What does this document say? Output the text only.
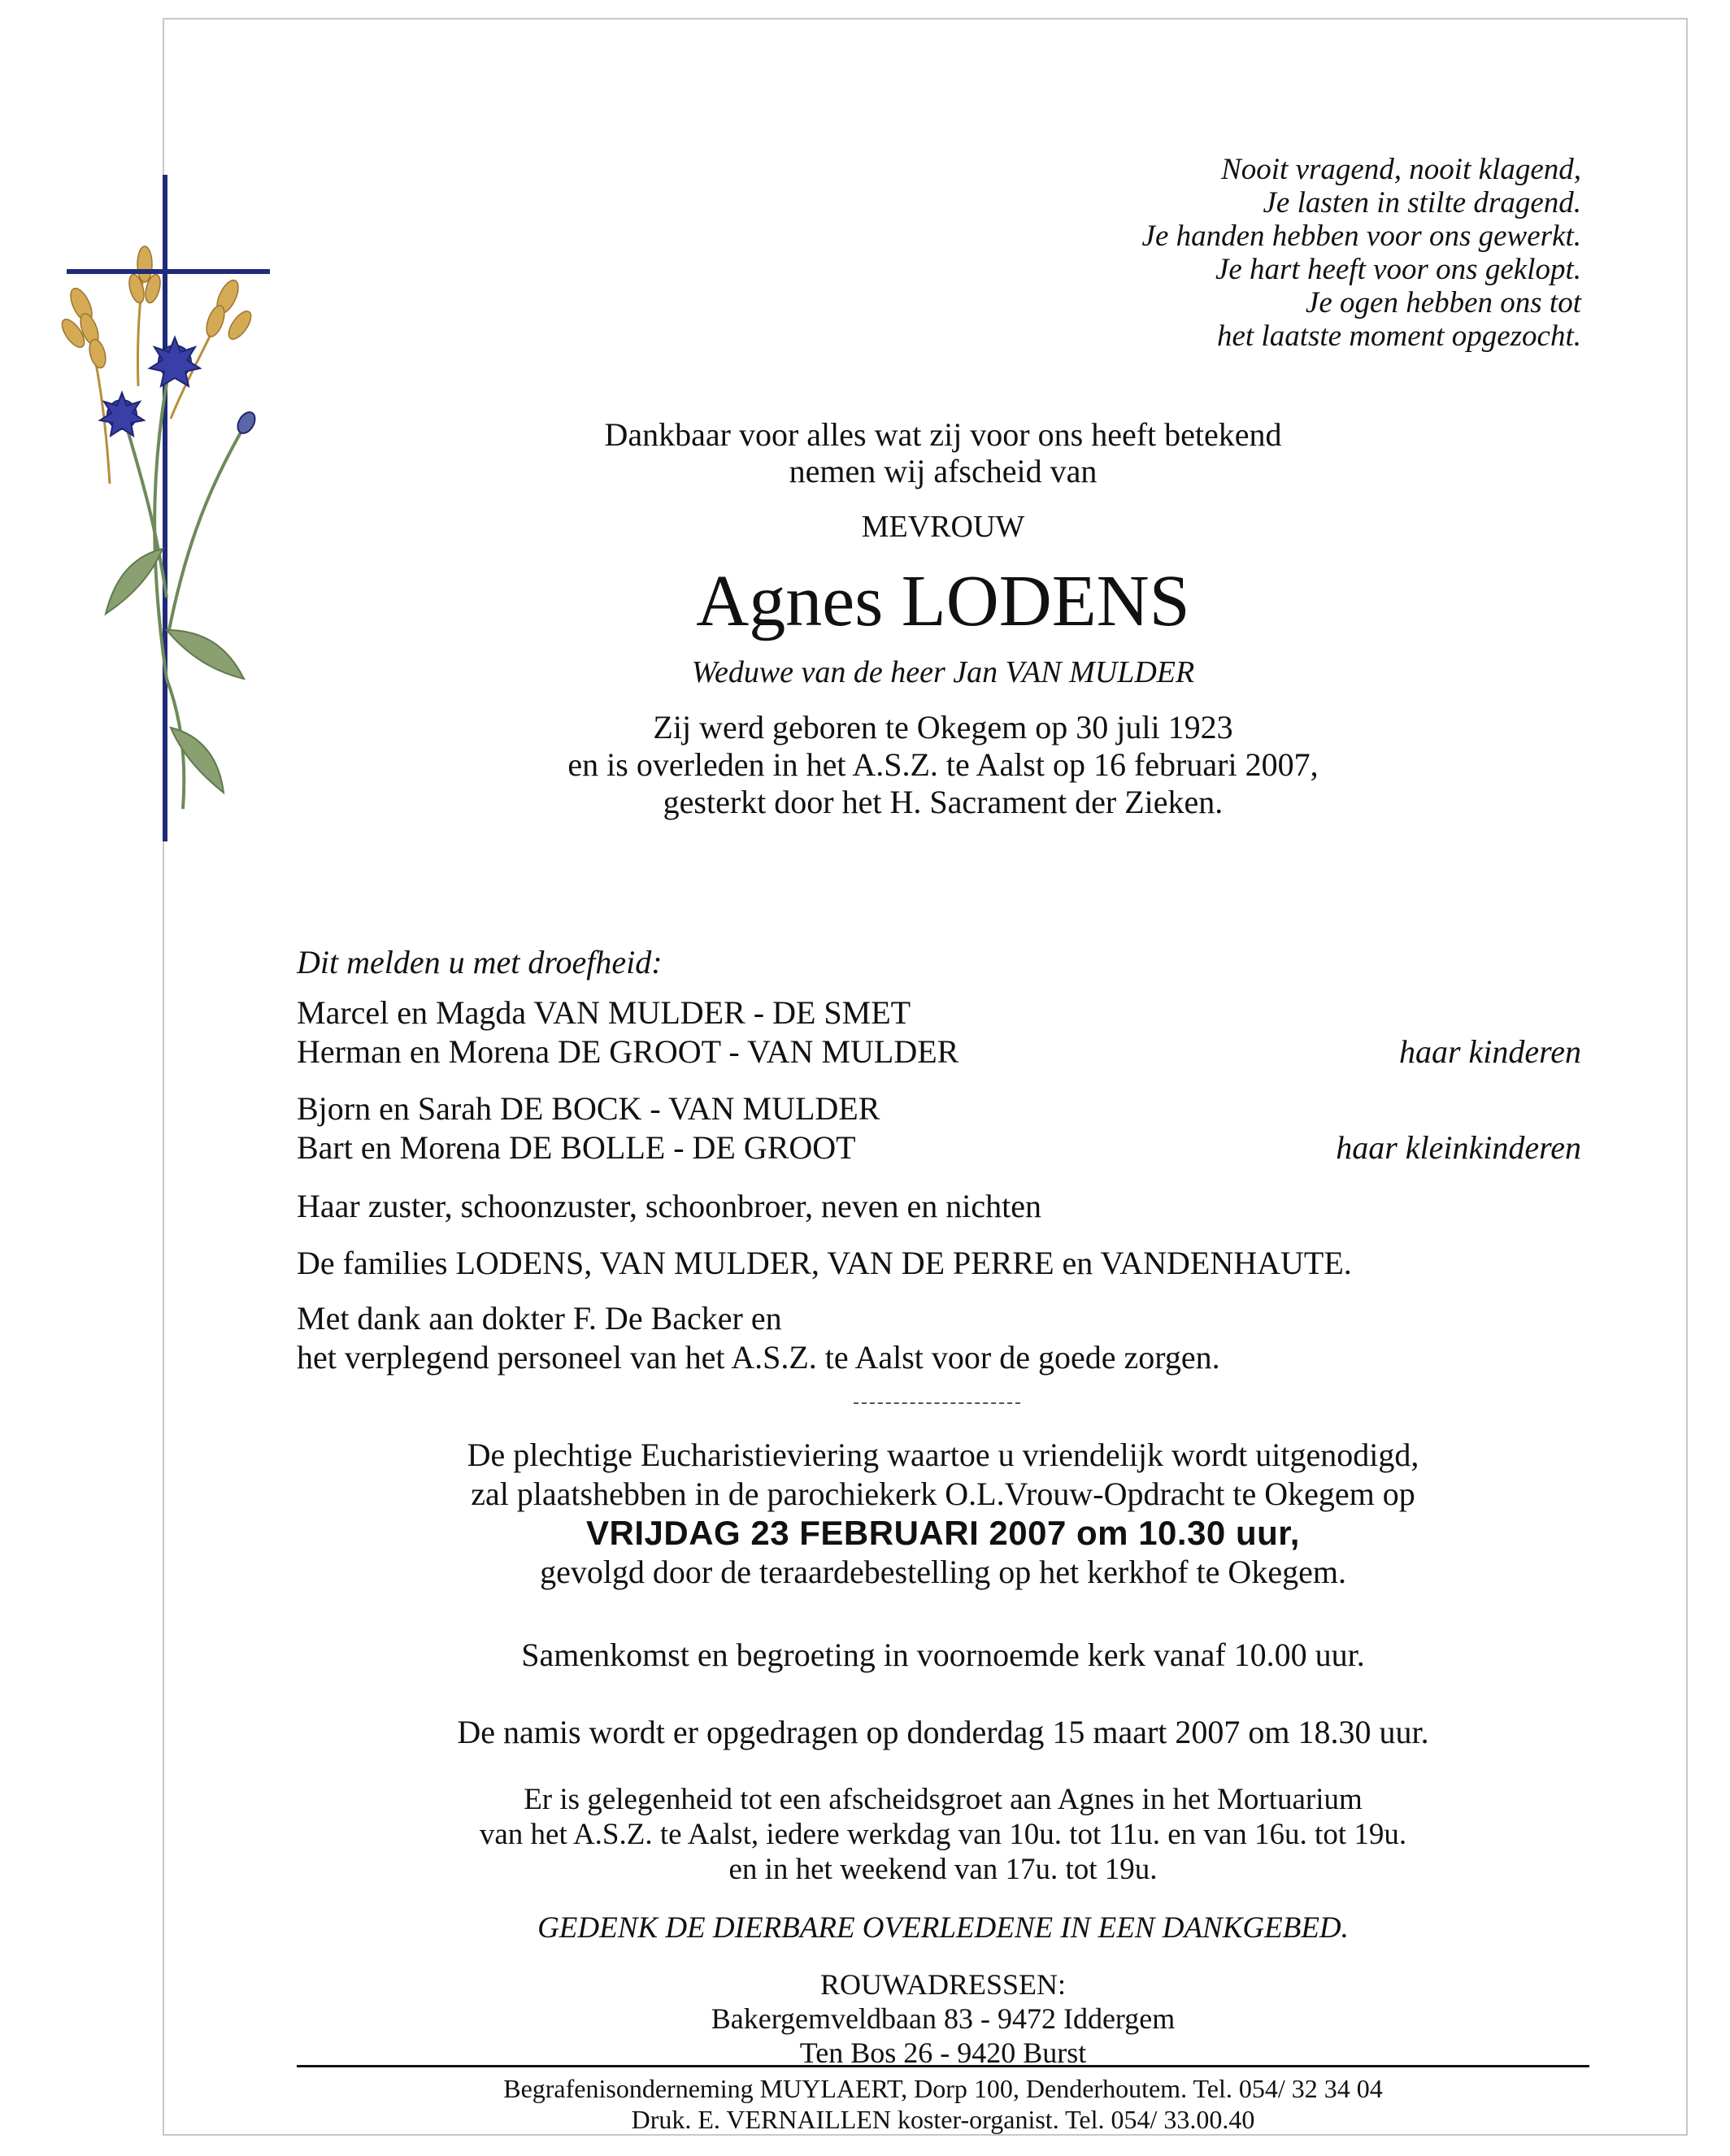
Nooit vragend, nooit klagend,
Je lasten in stilte dragend.
Je handen hebben voor ons gewerkt.
Je hart heeft voor ons geklopt.
Je ogen hebben ons tot
het laatste moment opgezocht.
Dankbaar voor alles wat zij voor ons heeft betekend
nemen wij afscheid van
MEVROUW
Agnes LODENS
Weduwe van de heer Jan VAN MULDER
Zij werd geboren te Okegem op 30 juli 1923
en is overleden in het A.S.Z. te Aalst op 16 februari 2007,
gesterkt door het H. Sacrament der Zieken.
Dit melden u met droefheid:
Marcel en Magda VAN MULDER - DE SMET
Herman en Morena DE GROOT - VAN MULDER	haar kinderen
Bjorn en Sarah DE BOCK - VAN MULDER
Bart en Morena DE BOLLE - DE GROOT	haar kleinkinderen
Haar zuster, schoonzuster, schoonbroer, neven en nichten
De families LODENS, VAN MULDER, VAN DE PERRE en VANDENHAUTE.
Met dank aan dokter F. De Backer en
het verplegend personeel van het A.S.Z. te Aalst voor de goede zorgen.
De plechtige Eucharistieviering waartoe u vriendelijk wordt uitgenodigd,
zal plaatshebben in de parochiekerk O.L.Vrouw-Opdracht te Okegem op
VRIJDAG 23 FEBRUARI 2007 om 10.30 uur,
gevolgd door de teraardebestelling op het kerkhof te Okegem.
Samenkomst en begroeting in voornoemde kerk vanaf 10.00 uur.
De namis wordt er opgedragen op donderdag 15 maart 2007 om 18.30 uur.
Er is gelegenheid tot een afscheidsgroet aan Agnes in het Mortuarium
van het A.S.Z. te Aalst, iedere werkdag van 10u. tot 11u. en van 16u. tot 19u.
en in het weekend van 17u. tot 19u.
GEDENK DE DIERBARE OVERLEDENE IN EEN DANKGEBED.
ROUWADRESSEN:
Bakergemveldbaan 83 - 9472 Iddergem
Ten Bos 26 - 9420 Burst
Begrafenisonderneming MUYLAERT, Dorp 100, Denderhoutem. Tel. 054/ 32 34 04
Druk. E. VERNAILLEN koster-organist. Tel. 054/ 33.00.40
